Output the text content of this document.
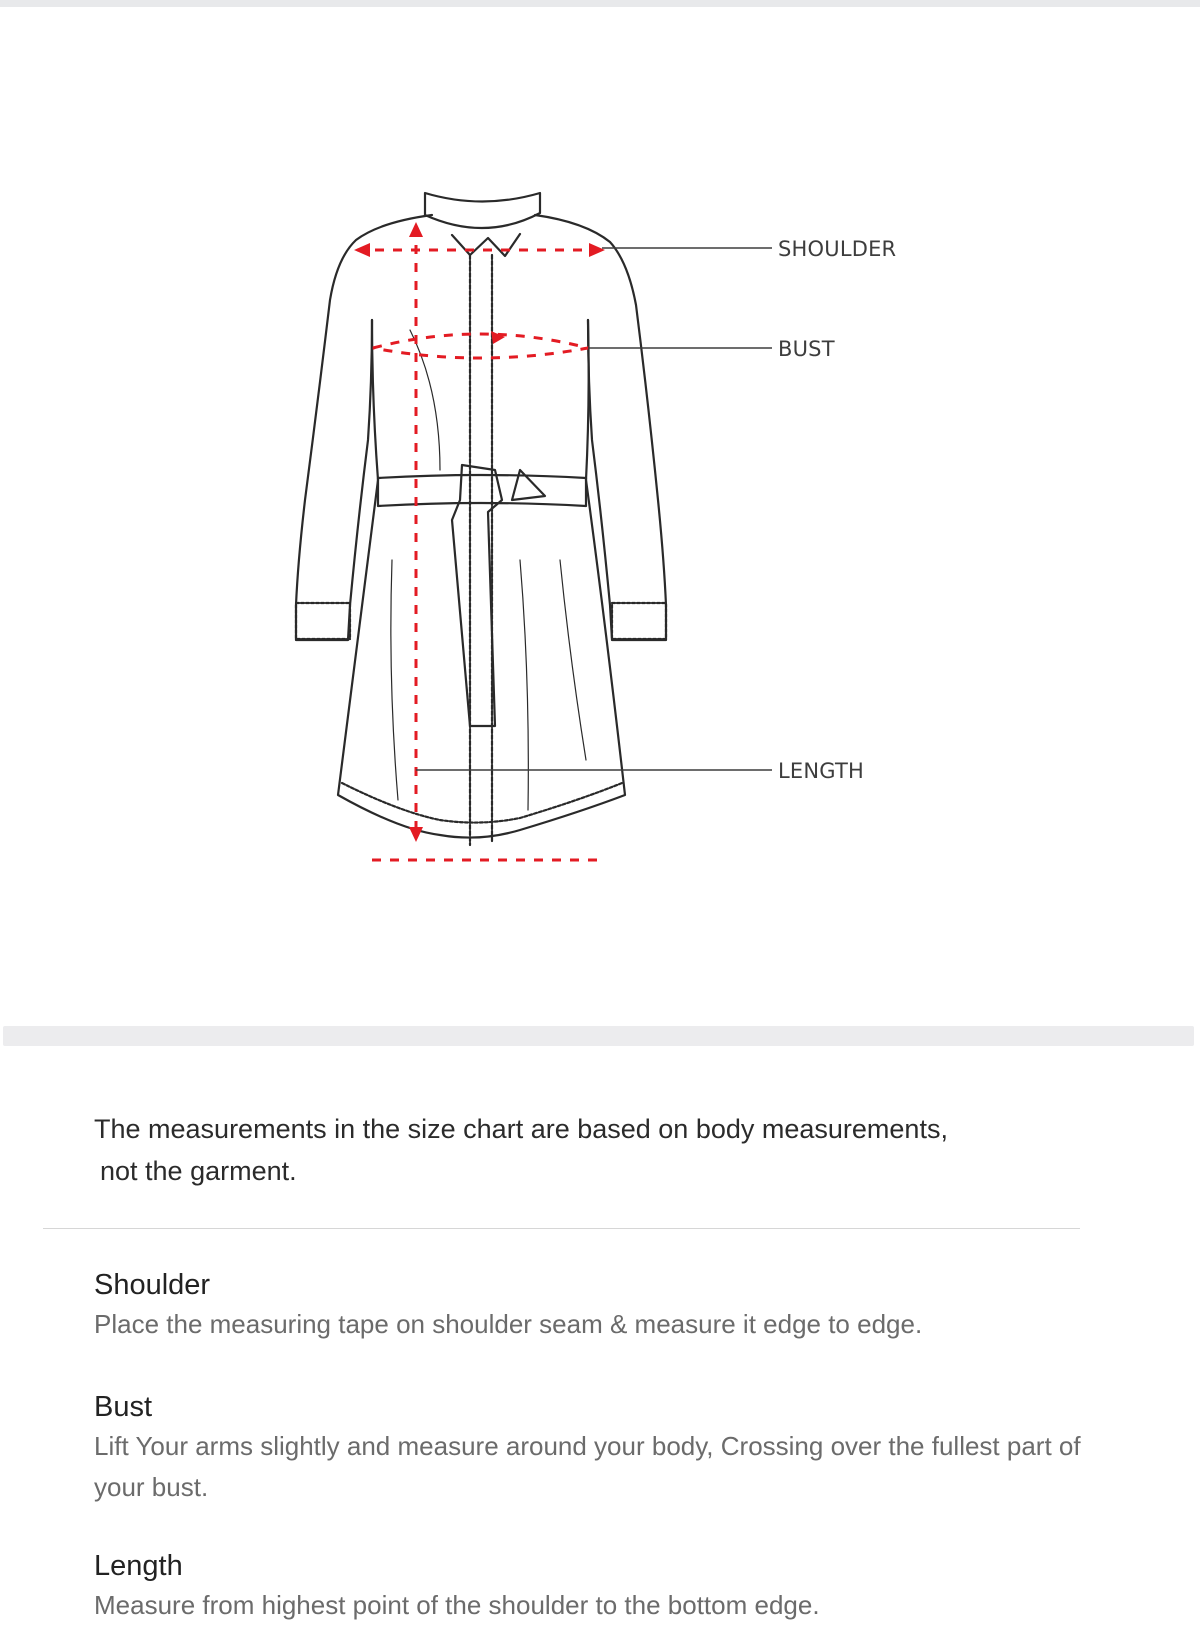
SHOULDER
BUST
LENGTH
The measurements in the size chart are based on body measurements,
not the garment.
Shoulder
Place the measuring tape on shoulder seam & measure it edge to edge.
Bust
Lift Your arms slightly and measure around your body, Crossing over the fullest part of your bust.
Length
Measure from highest point of the shoulder to the bottom edge.
